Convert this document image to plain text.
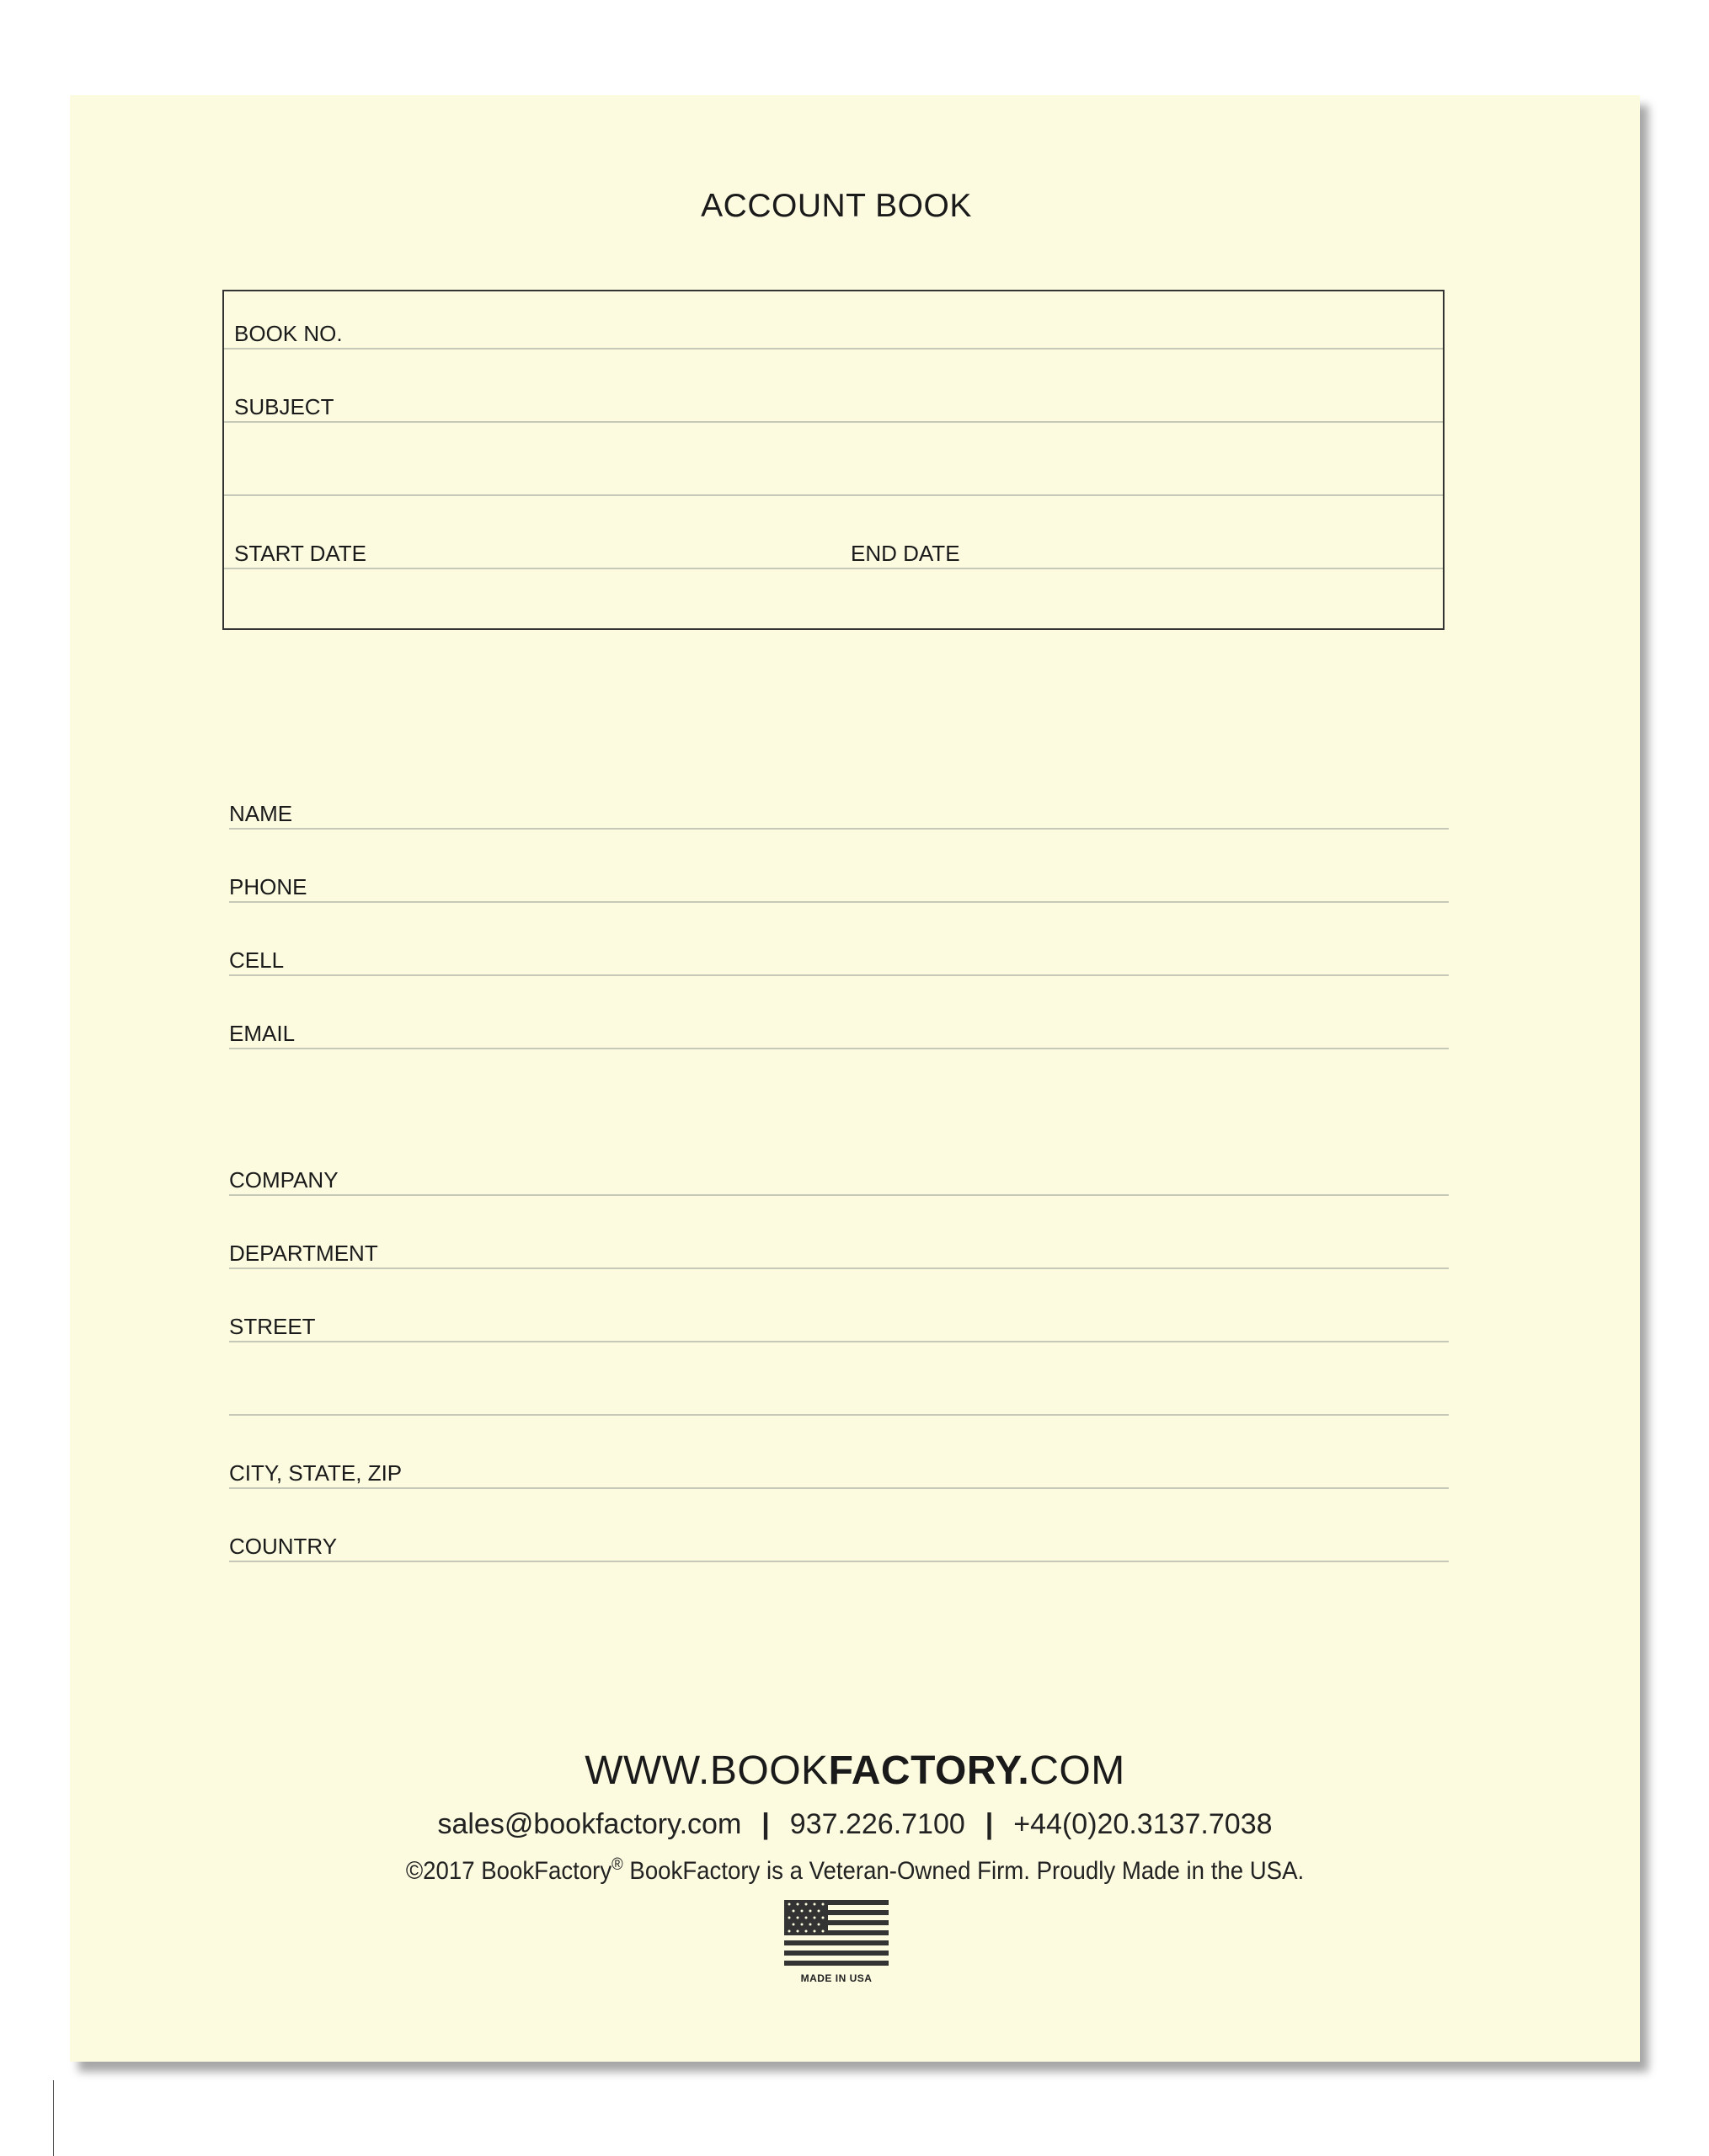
ACCOUNT BOOK
BOOK NO.
SUBJECT
START DATE	END DATE
NAME
PHONE
CELL
EMAIL
COMPANY
DEPARTMENT
STREET
CITY, STATE, ZIP
COUNTRY
WWW.BOOKFACTORY.COM
sales@bookfactory.com | 937.226.7100 | +44(0)20.3137.7038
©2017 BookFactory® BookFactory is a Veteran-Owned Firm. Proudly Made in the USA.
MADE IN USA
